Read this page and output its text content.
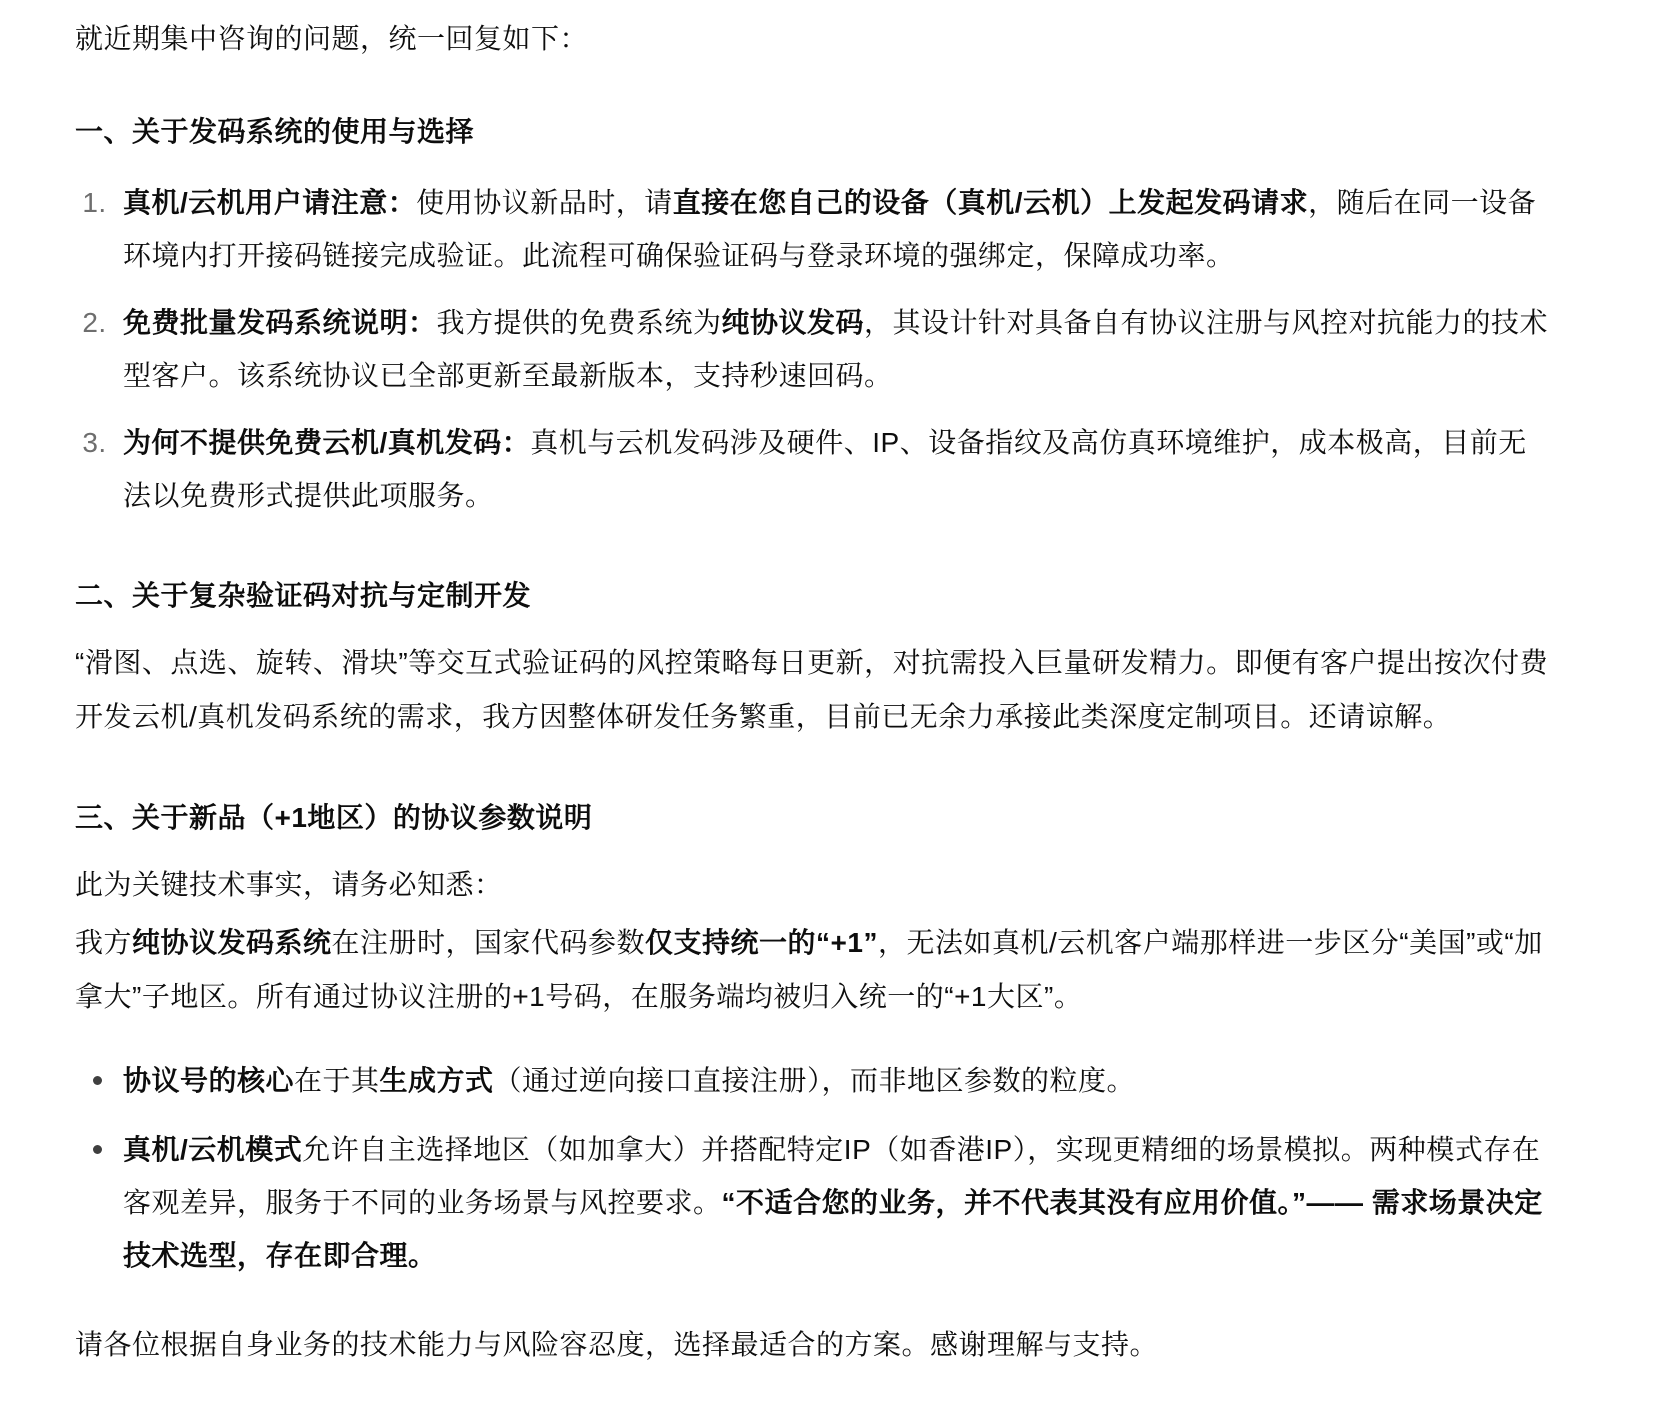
就近期集中咨询的问题，统一回复如下：

一、关于发码系统的使用与选择
1. 真机/云机用户请注意：使用协议新品时，请直接在您自己的设备（真机/云机）上发起发码请求，随后在同一设备环境内打开接码链接完成验证。此流程可确保验证码与登录环境的强绑定，保障成功率。
2. 免费批量发码系统说明：我方提供的免费系统为纯协议发码，其设计针对具备自有协议注册与风控对抗能力的技术型客户。该系统协议已全部更新至最新版本，支持秒速回码。
3. 为何不提供免费云机/真机发码：真机与云机发码涉及硬件、IP、设备指纹及高仿真环境维护，成本极高，目前无法以免费形式提供此项服务。
二、关于复杂验证码对抗与定制开发

“滑图、点选、旋转、滑块”等交互式验证码的风控策略每日更新，对抗需投入巨量研发精力。即便有客户提出按次付费开发云机/真机发码系统的需求，我方因整体研发任务繁重，目前已无余力承接此类深度定制项目。还请谅解。

三、关于新品（+1地区）的协议参数说明

此为关键技术事实，请务必知悉：

我方纯协议发码系统在注册时，国家代码参数仅支持统一的“+1”，无法如真机/云机客户端那样进一步区分“美国”或“加拿大”子地区。所有通过协议注册的+1号码，在服务端均被归入统一的“+1大区”。

协议号的核心在于其生成方式（通过逆向接口直接注册），而非地区参数的粒度。
真机/云机模式允许自主选择地区（如加拿大）并搭配特定IP（如香港IP），实现更精细的场景模拟。两种模式存在客观差异，服务于不同的业务场景与风控要求。“不适合您的业务，并不代表其没有应用价值。”—— 需求场景决定技术选型，存在即合理。

请各位根据自身业务的技术能力与风险容忍度，选择最适合的方案。感谢理解与支持。
